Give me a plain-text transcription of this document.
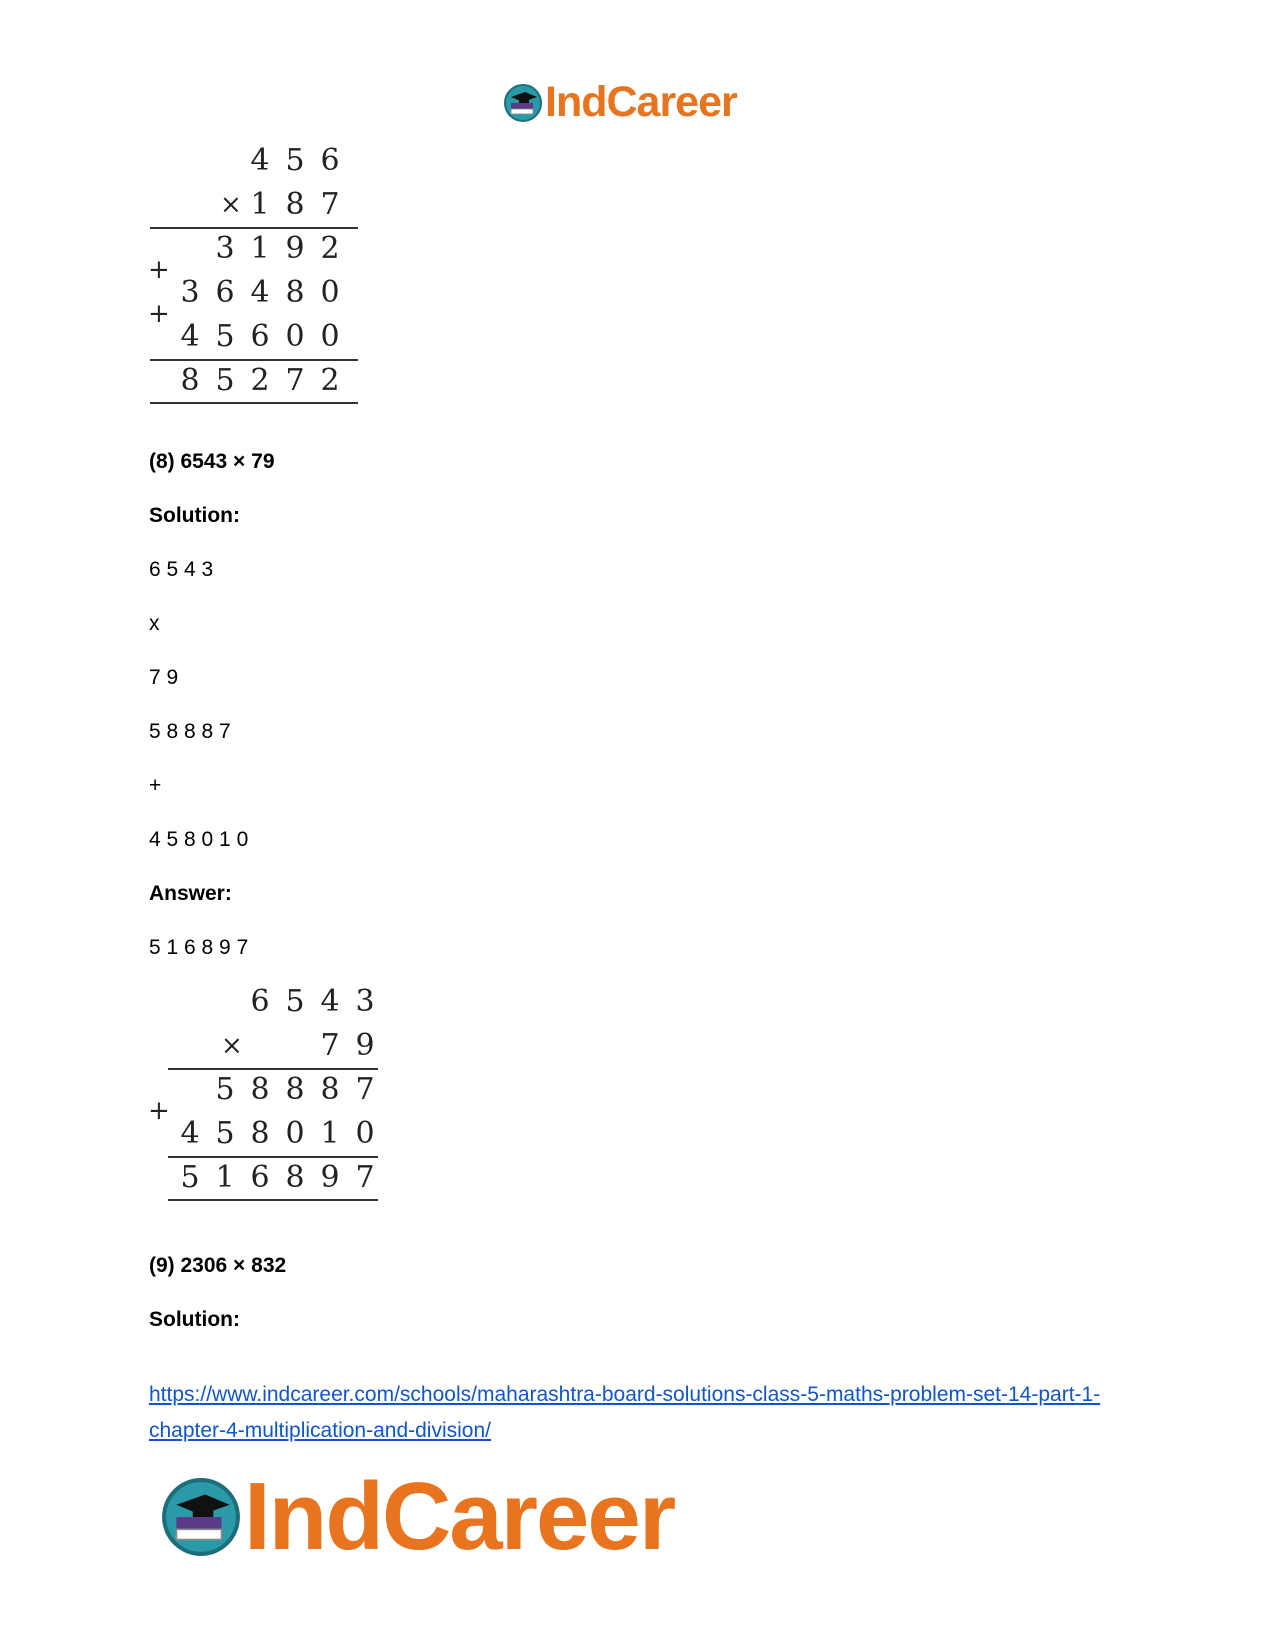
IndCareer
4 5 6
× 1 8 7
3 1 9 2
+
3 6 4 8 0
+
4 5 6 0 0
8 5 2 7 2
(8) 6543 × 79
Solution:
6 5 4 3
x
7 9
5 8 8 8 7
+
4 5 8 0 1 0
Answer:
5 1 6 8 9 7
6 5 4 3
×	7 9
5 8 8 8 7
+
4 5 8 0 1 0
5 1 6 8 9 7
(9) 2306 × 832
Solution:
https://www.indcareer.com/schools/maharashtra-board-solutions-class-5-maths-problem-set-14-part-1-chapter-4-multiplication-and-division/
IndCareer
